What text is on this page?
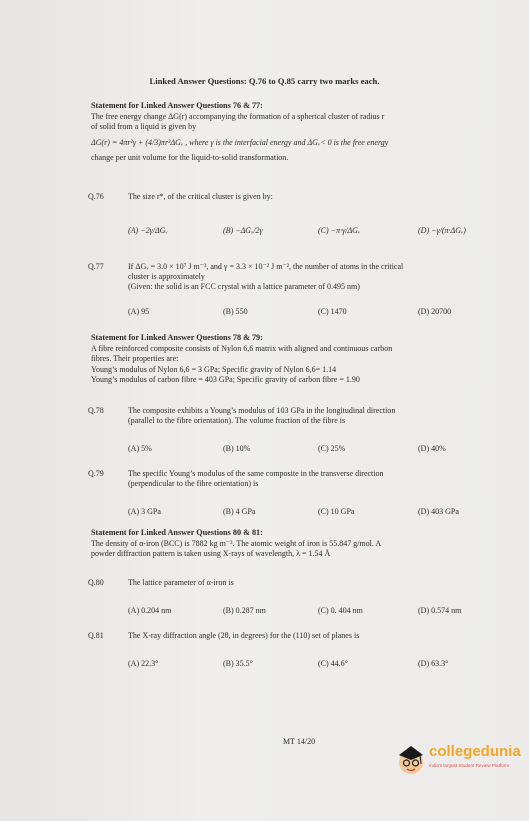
Linked Answer Questions: Q.76 to Q.85 carry two marks each.
Statement for Linked Answer Questions 76 & 77:
The free energy change ΔG(r) accompanying the formation of a spherical cluster of radius r
of solid from a liquid is given by
ΔG(r) = 4πr²γ + (4/3)πr³ΔGᵥ , where γ is the interfacial energy and ΔGᵥ< 0 is the free energy
change per unit volume for the liquid-to-solid transformation.
Q.76	The size r*, of the critical cluster is given by:
(A) −2γ/ΔGᵥ	(B) −ΔGᵥ/2γ	(C) −π·γ/ΔGᵥ	(D) −γ/(π·ΔGᵥ)
Q.77	If ΔGᵥ = 3.0 × 10⁷ J m⁻³, and γ = 3.3 × 10⁻² J m⁻², the number of atoms in the critical
cluster is approximately
(Given: the solid is an FCC crystal with a lattice parameter of 0.495 nm)
(A) 95	(B) 550	(C) 1470	(D) 20700
Statement for Linked Answer Questions 78 & 79:
A fibre reinforced composite consists of Nylon 6,6 matrix with aligned and continuous carbon
fibres. Their properties are:
Young’s modulus of Nylon 6,6 = 3 GPa; Specific gravity of Nylon 6,6= 1.14
Young’s modulus of carbon fibre = 403 GPa; Specific gravity of carbon fibre = 1.90
Q.78	The composite exhibits a Young’s modulus of 103 GPa in the longitudinal direction
(parallel to the fibre orientation). The volume fraction of the fibre is
(A) 5%	(B) 10%	(C) 25%	(D) 40%
Q.79	The specific Young’s modulus of the same composite in the transverse direction
(perpendicular to the fibre orientation) is
(A) 3 GPa	(B) 4 GPa	(C) 10 GPa	(D) 403 GPa
Statement for Linked Answer Questions 80 & 81:
The density of α-iron (BCC) is 7882 kg m⁻³. The atomic weight of iron is 55.847 g/mol. A
powder diffraction pattern is taken using X-rays of wavelength, λ = 1.54 Å
Q.80	The lattice parameter of α-iron is
(A) 0.204 nm	(B) 0.287 nm	(C) 0. 404 nm	(D) 0.574 nm
Q.81	The X-ray diffraction angle (2θ, in degrees) for the (110) set of planes is
(A) 22.3°	(B) 35.5°	(C) 44.6°	(D) 63.3°
MT 14/20
collegedunia
India's largest Student Review Platform
